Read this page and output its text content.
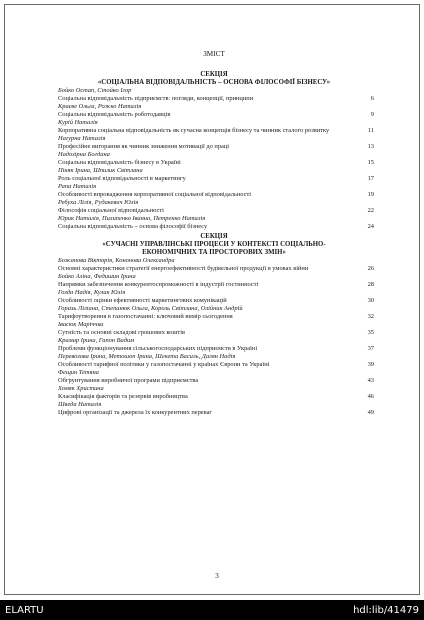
ЗМІСТ
СЕКЦІЯ
«СОЦІАЛЬНА ВІДПОВІДАЛЬНІСТЬ – ОСНОВА ФІЛОСОФІЇ БІЗНЕСУ»
Бойко Остап, Стойко Ігор
Соціальна відповідальність підприємств: погляди, концепції, принципи	6
Краєве Ольга, Рожко Наталія
Соціальна відповідальність роботодавців	9
Курій Наталія
Корпоративна соціальна відповідальність як сучасна концепція бізнесу та чинник сталого розвитку	11
Нагурна Наталія
Професійне вигорання як чинник зниження мотивації до праці	13
Надозірна Богдана
Соціальна відповідальність бізнесу в Україні	15
Піняк Ірина, Шпилик Світлана
Роль соціальної відповідальності в маркетингу	17
Рапа Наталія
Особливості впровадження корпоративної соціальної відповідальності	19
Ребуха Лілія, Рудакевич Юлія
Філософія соціальної відповідальності	22
Юрик Наталія, Пилипенко Іванна, Петренко Наталія
Соціальна відповідальність – основа філософії бізнесу	24
СЕКЦІЯ
«СУЧАСНІ УПРАВЛІНСЬКІ ПРОЦЕСИ У КОНТЕКСТІ СОЦІАЛЬНО-
ЕКОНОМІЧНИХ ТА ПРОСТОРОВИХ ЗМІН»
Божанова Вікторія, Кононова Олександра
Основні характеристики стратегії енергоефективності будівельної продукції в умовах війни	26
Бойко Аліна, Федишин Ірина
Напрямки забезпечення конкурентоспроможності в індустрії гостинності	28
Гозда Надія, Кулик Юлія
Особливості оцінки ефективності маркетингових комунікацій	30
Горазь Ліліана, Степанюк Ольга, Король Світлана, Олійник Андрій
Тарифоутворення в газопостачанні: ключовий вимір сьогодення	32
Івасюк Маріччка
Сутність та основні складові грошових коштів	35
Крамар Ірина, Гапон Вадим
Проблеми функціонування сільськогосподарських підприємств в Україні	37
Перевозова Ірина, Метошоп Ірина, Шекета Василь, Далян Надія
Особливості тарифної політики у газопостачанні у країнах Європи та Україні	39
Фещин Тетяна
Обгрунтування виробничої програми підприємства	43
Хомяк Христина
Класифікація факторів та резервів виробництва	46
Шведа Наталія
Цифрові організації та джерела їх конкурентних переваг	49
3
ELARTU	hdl:lib/41479
